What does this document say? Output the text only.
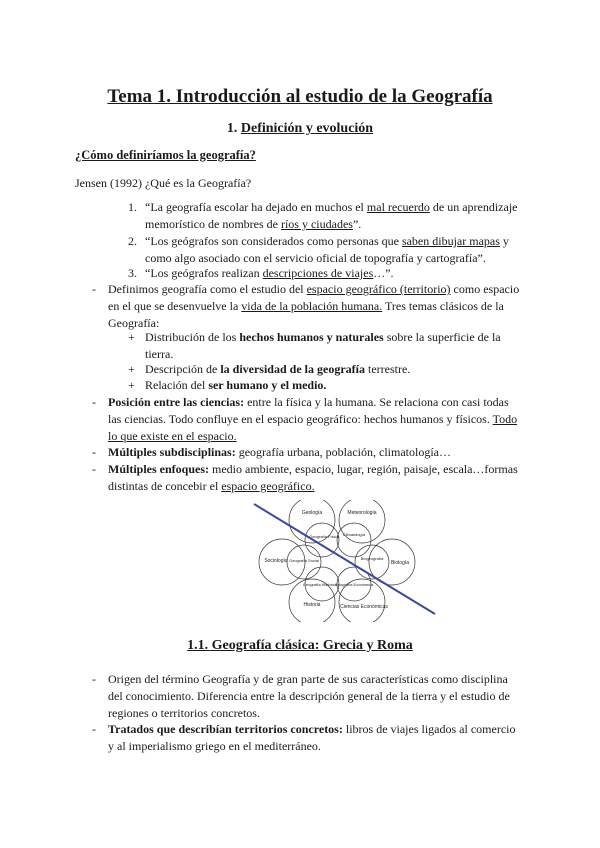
Tema 1. Introducción al estudio de la Geografía
1. Definición y evolución
¿Cómo definiríamos la geografía?
Jensen (1992) ¿Qué es la Geografía?
1. “La geografía escolar ha dejado en muchos el mal recuerdo de un aprendizaje
memorístico de nombres de ríos y ciudades”.
2. “Los geógrafos son considerados como personas que saben dibujar mapas y
como algo asociado con el servicio oficial de topografía y cartografía”.
3. “Los geógrafos realizan descripciones de viajes…”.
- Definimos geografía como el estudio del espacio geográfico (territorio) como espacio
en el que se desenvuelve la vida de la población humana. Tres temas clásicos de la
Geografía:
+ Distribución de los hechos humanos y naturales sobre la superficie de la
tierra.
+ Descripción de la diversidad de la geografía terrestre.
+ Relación del ser humano y el medio.
- Posición entre las ciencias: entre la física y la humana. Se relaciona con casi todas
las ciencias. Todo confluye en el espacio geográfico: hechos humanos y físicos. Todo
lo que existe en el espacio.
- Múltiples subdisciplinas: geografía urbana, población, climatología…
- Múltiples enfoques: medio ambiente, espacio, lugar, región, paisaje, escala…formas
distintas de concebir el espacio geográfico.
Geología	Meteorología
Biología
Ciencias Económicas
Historia
Sociología
Geografía Física Climatología
Biogeografía
Geografía Económica
Geografía Histórica
Geografía Social
1.1. Geografía clásica: Grecia y Roma
- Origen del término Geografía y de gran parte de sus características como disciplina
del conocimiento. Diferencia entre la descripción general de la tierra y el estudio de
regiones o territorios concretos.
- Tratados que describían territorios concretos: libros de viajes ligados al comercio
y al imperialismo griego en el mediterráneo.
